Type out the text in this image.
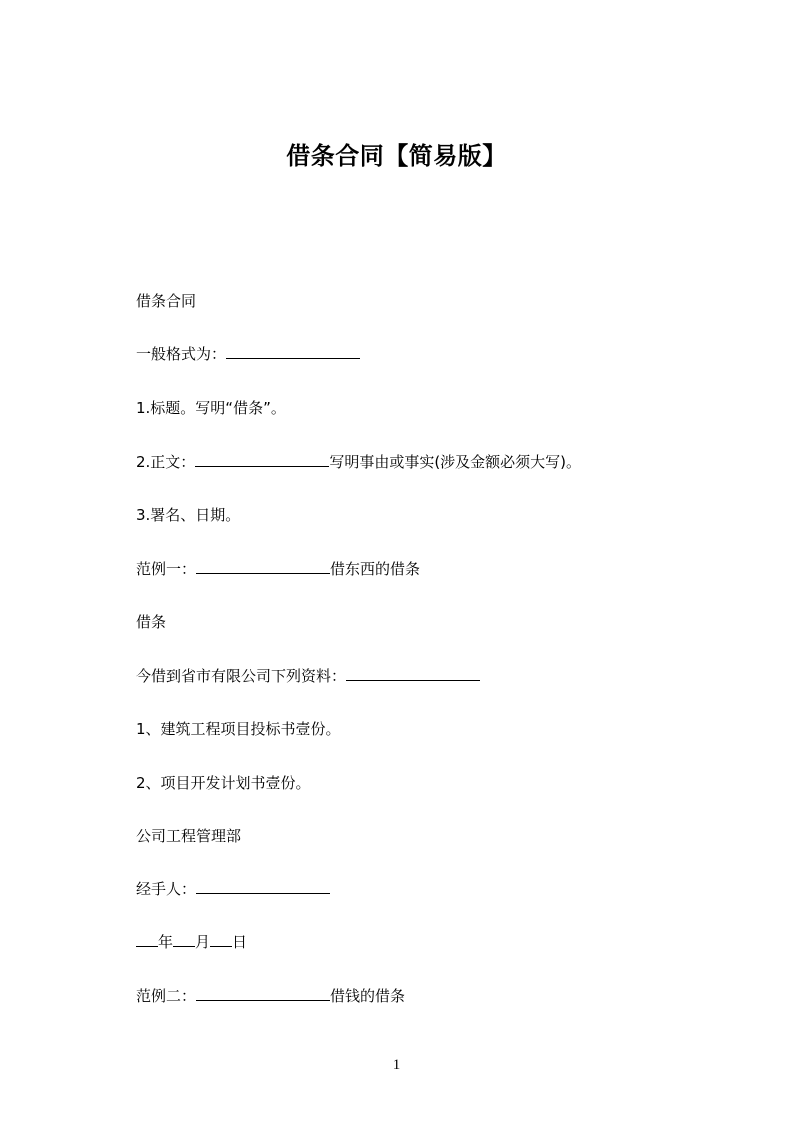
借条合同【简易版】
借条合同
一般格式为：
1.标题。写明“借条”。
2.正文：	写明事由或事实(涉及金额必须大写)。
3.署名、日期。
范例一：	借东西的借条
借条
今借到省市有限公司下列资料：
1、建筑工程项目投标书壹份。
2、项目开发计划书壹份。
公司工程管理部
经手人：
年 月 日
范例二：	借钱的借条
1
